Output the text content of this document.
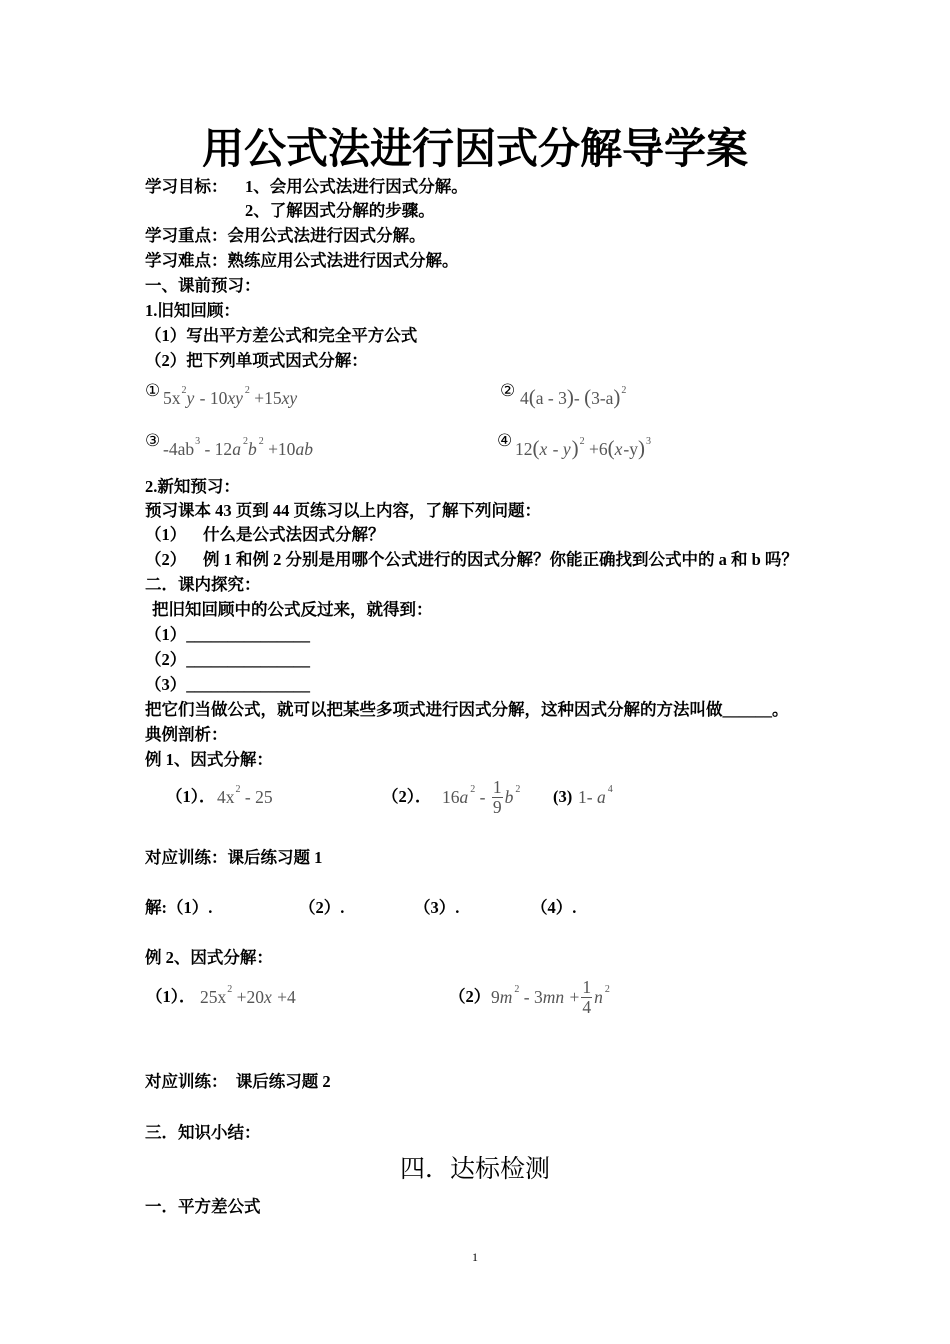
用公式法进行因式分解导学案
学习目标： 1、会用公式法进行因式分解。
2、了解因式分解的步骤。
学习重点：会用公式法进行因式分解。
学习难点：熟练应用公式法进行因式分解。
一、课前预习：
1.旧知回顾：
（1）写出平方差公式和完全平方公式
（2）把下列单项式因式分解：
① 5x 2 y - 10 xy 2 +15 xy	② 4 ( a - 3 ) - ( 3-a ) 2
③ -4ab 3 - 12 a 2 b 2 +10 ab	④ 12 ( x - y ) 2 +6 ( x -y ) 3
2.新知预习：
预习课本 43 页到 44 页练习以上内容，了解下列问题：
（1） 什么是公式法因式分解？
（2） 例 1 和例 2 分别是用哪个公式进行的因式分解？你能正确找到公式中的 a 和 b 吗？
二．课内探究：
把旧知回顾中的公式反过来，就得到：
（1）_______________
（2）_______________
（3）_______________
把它们当做公式，就可以把某些多项式进行因式分解，这种因式分解的方法叫做______。
典例剖析：
例 1、因式分解：
（1）． 4x 2 - 25	（2）． 16 a $2 - \frac{1}{9}$ b 2 (3) 1- a 4
对应训练：课后练习题 1
解:（1）.	（2）.	（3）.	（4）.
例 2、因式分解：
（1）． 25x 2 +20 x +4	（2） 9 m 2 - 3 mn + $\frac{1}{4}$ n 2
对应训练：  课后练习题 2
三．知识小结：
四．达标检测
一．平方差公式
1
